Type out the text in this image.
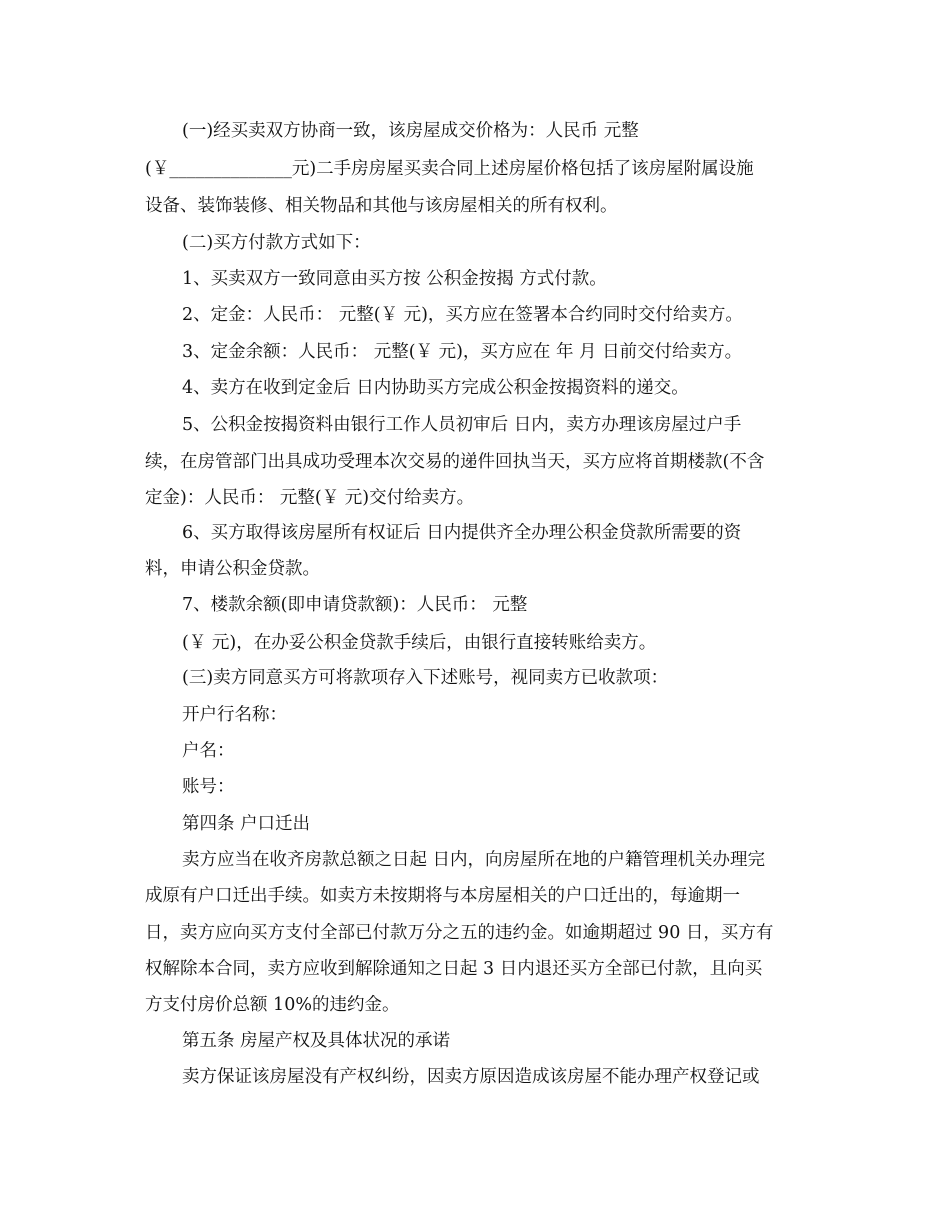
(一)经买卖双方协商一致，该房屋成交价格为：人民币 元整
(￥______________元)二手房房屋买卖合同上述房屋价格包括了该房屋附属设施
设备、装饰装修、相关物品和其他与该房屋相关的所有权利。
(二)买方付款方式如下：
1、买卖双方一致同意由买方按 公积金按揭 方式付款。
2、定金：人民币： 元整(￥ 元)，买方应在签署本合约同时交付给卖方。
3、定金余额：人民币： 元整(￥ 元)，买方应在 年 月 日前交付给卖方。
4、卖方在收到定金后 日内协助买方完成公积金按揭资料的递交。
5、公积金按揭资料由银行工作人员初审后 日内，卖方办理该房屋过户手
续，在房管部门出具成功受理本次交易的递件回执当天，买方应将首期楼款(不含
定金)：人民币： 元整(￥ 元)交付给卖方。
6、买方取得该房屋所有权证后 日内提供齐全办理公积金贷款所需要的资
料，申请公积金贷款。
7、楼款余额(即申请贷款额)：人民币： 元整
(￥ 元)，在办妥公积金贷款手续后，由银行直接转账给卖方。
(三)卖方同意买方可将款项存入下述账号，视同卖方已收款项：
开户行名称：
户名：
账号：
第四条 户口迁出
卖方应当在收齐房款总额之日起 日内，向房屋所在地的户籍管理机关办理完
成原有户口迁出手续。如卖方未按期将与本房屋相关的户口迁出的，每逾期一
日，卖方应向买方支付全部已付款万分之五的违约金。如逾期超过 90 日，买方有
权解除本合同，卖方应收到解除通知之日起 3 日内退还买方全部已付款，且向买
方支付房价总额 10%的违约金。
第五条 房屋产权及具体状况的承诺
卖方保证该房屋没有产权纠纷，因卖方原因造成该房屋不能办理产权登记或
